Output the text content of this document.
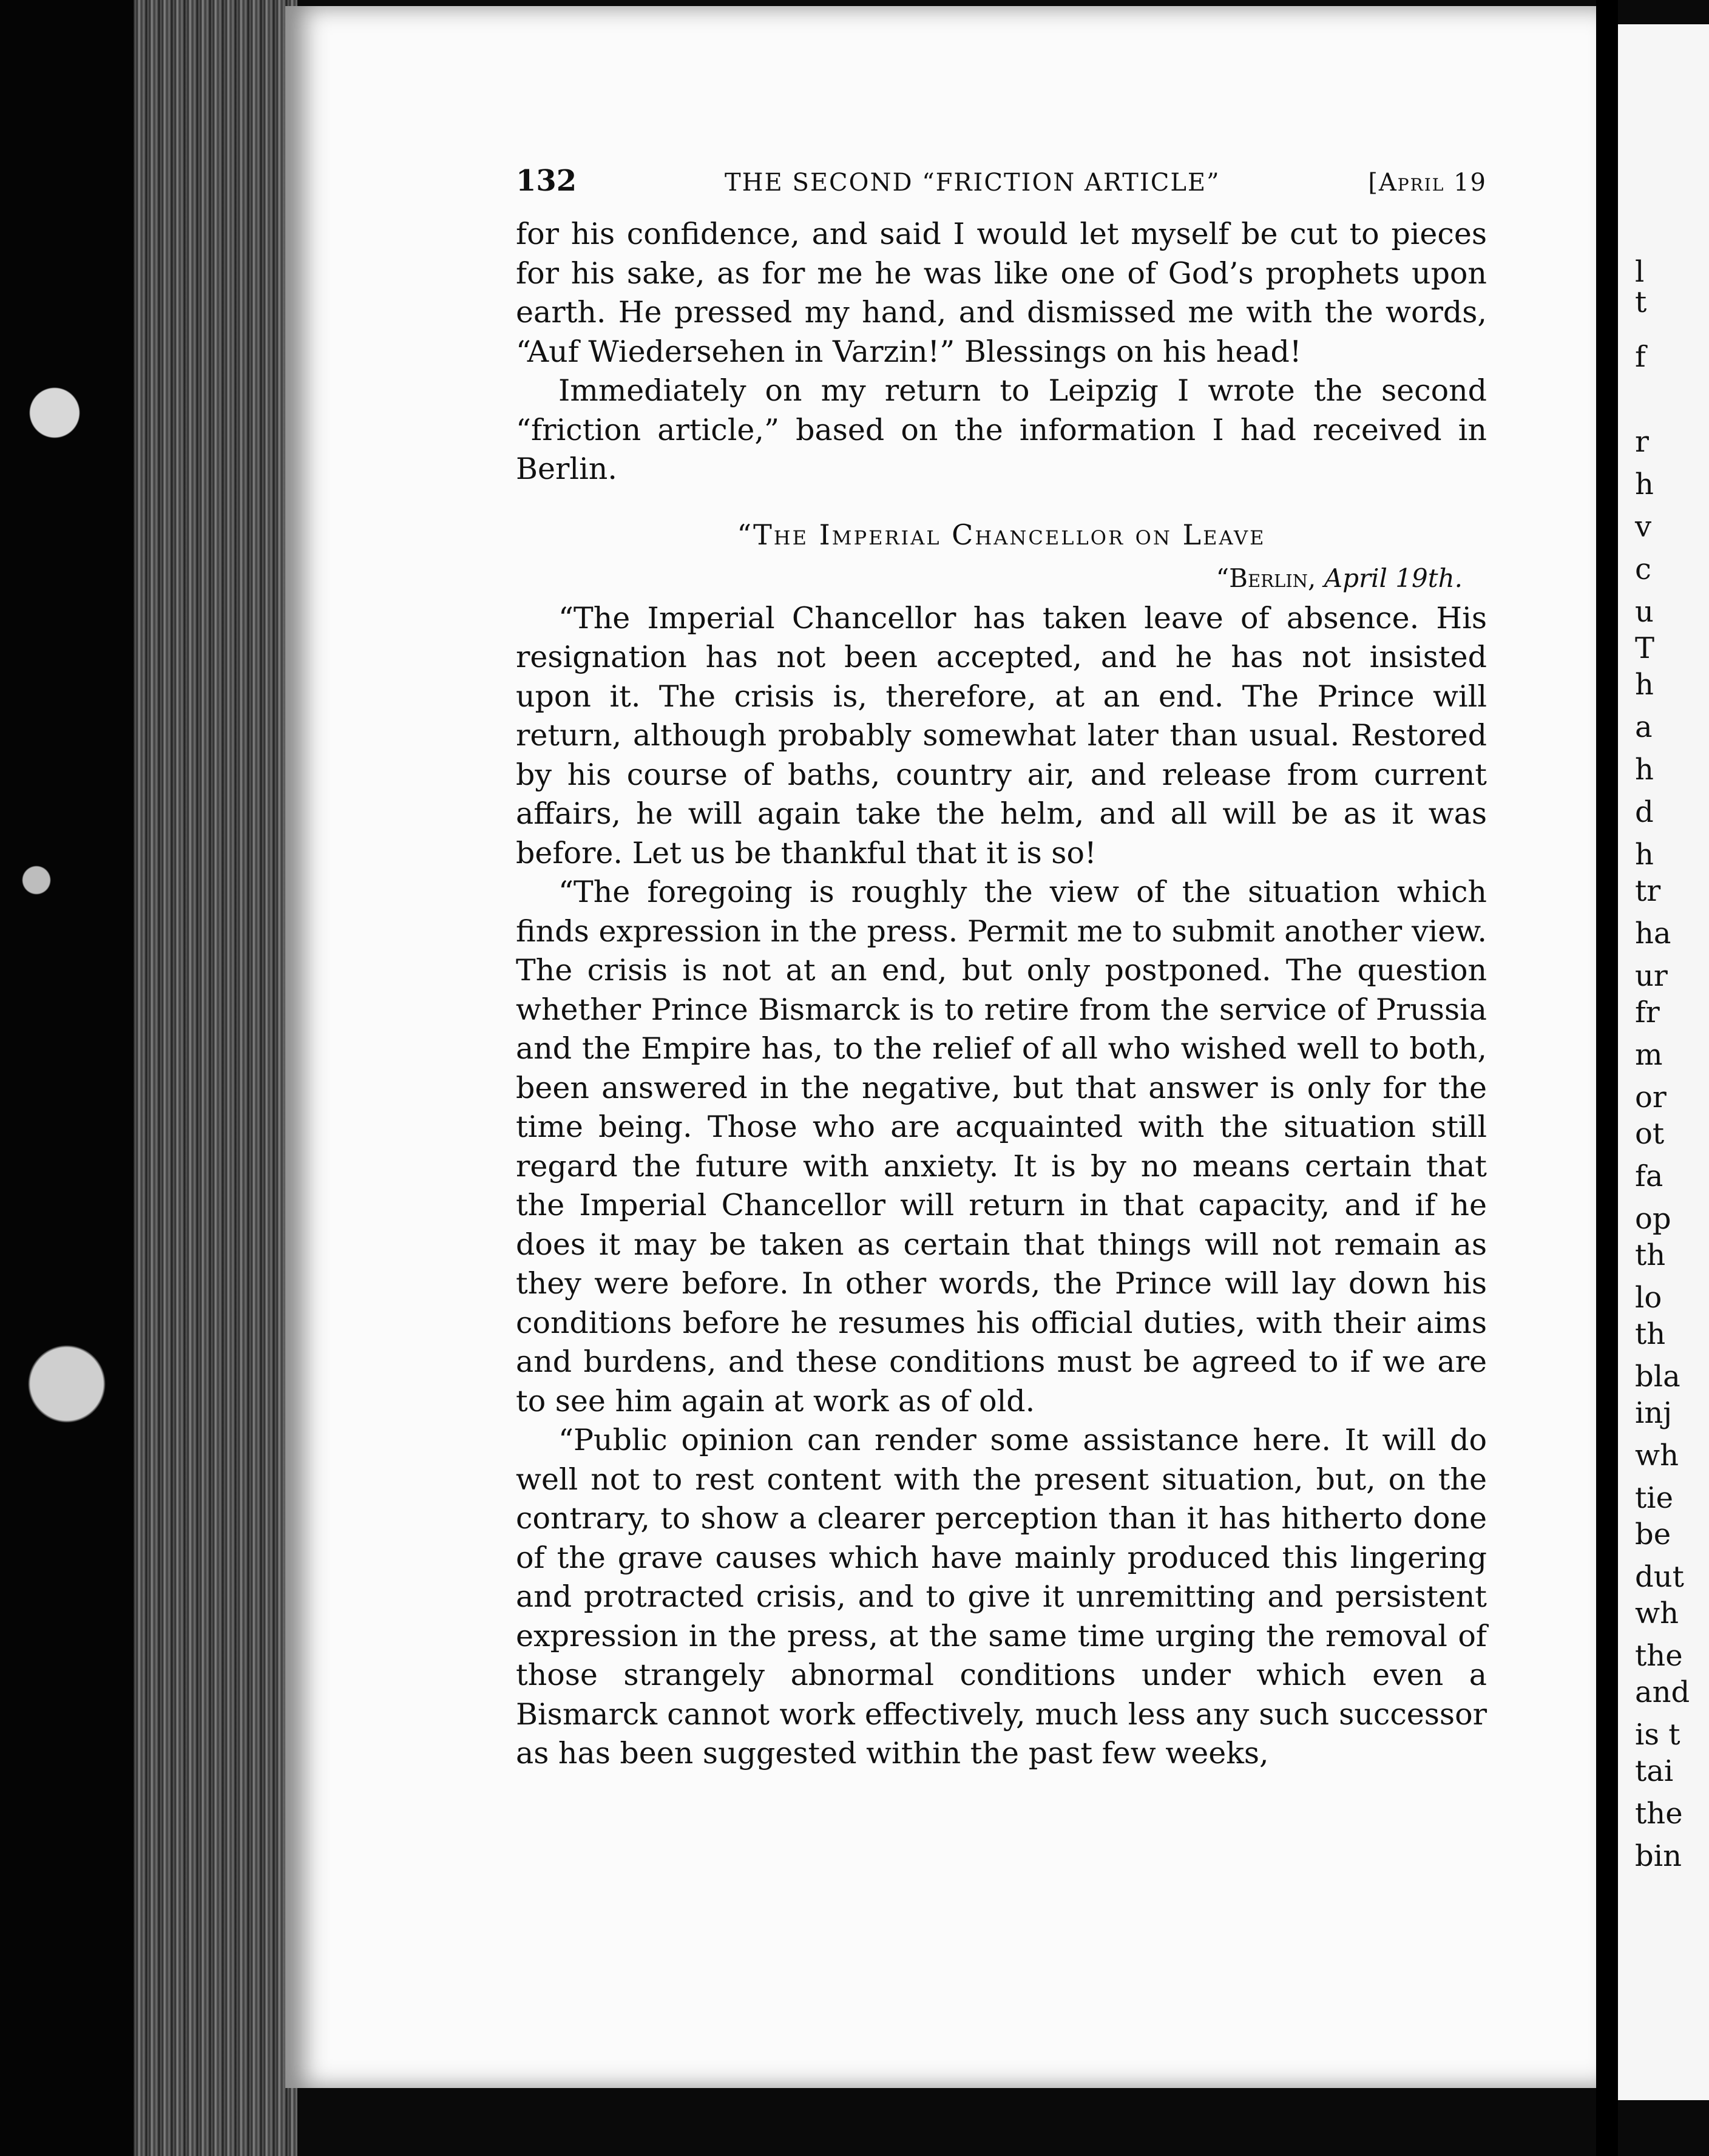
132	THE SECOND “FRICTION ARTICLE”	[April 19

for his confidence, and said I would let myself be cut to pieces for his sake, as for me he was like one of God’s prophets upon earth. He pressed my hand, and dismissed me with the words, “Auf Wiedersehen in Varzin!” Blessings on his head!

Immediately on my return to Leipzig I wrote the second “friction article,” based on the information I had received in Berlin.

“The Imperial Chancellor on Leave
“Berlin, April 19th.

“The Imperial Chancellor has taken leave of absence. His resignation has not been accepted, and he has not insisted upon it. The crisis is, therefore, at an end. The Prince will return, although probably somewhat later than usual. Restored by his course of baths, country air, and release from current affairs, he will again take the helm, and all will be as it was before. Let us be thankful that it is so!

“The foregoing is roughly the view of the situation which finds expression in the press. Permit me to submit another view. The crisis is not at an end, but only postponed. The question whether Prince Bismarck is to retire from the service of Prussia and the Empire has, to the relief of all who wished well to both, been answered in the negative, but that answer is only for the time being. Those who are acquainted with the situation still regard the future with anxiety. It is by no means certain that the Imperial Chancellor will return in that capacity, and if he does it may be taken as certain that things will not remain as they were before. In other words, the Prince will lay down his conditions before he resumes his official duties, with their aims and burdens, and these conditions must be agreed to if we are to see him again at work as of old.

“Public opinion can render some assistance here. It will do well not to rest content with the present situation, but, on the contrary, to show a clearer perception than it has hitherto done of the grave causes which have mainly produced this lingering and protracted crisis, and to give it unremitting and persistent expression in the press, at the same time urging the removal of those strangely abnormal conditions under which even a Bismarck cannot work effectively, much less any such successor as has been suggested within the past few weeks,

l
t
f
r
h
v
c
u
T
h
a
h
d
h
tr
ha
ur
fr
m
or
ot
fa
op
th
lo
th
bla
inj
wh
tie
be
dut
wh
the
and
is t
tai
the
bin
